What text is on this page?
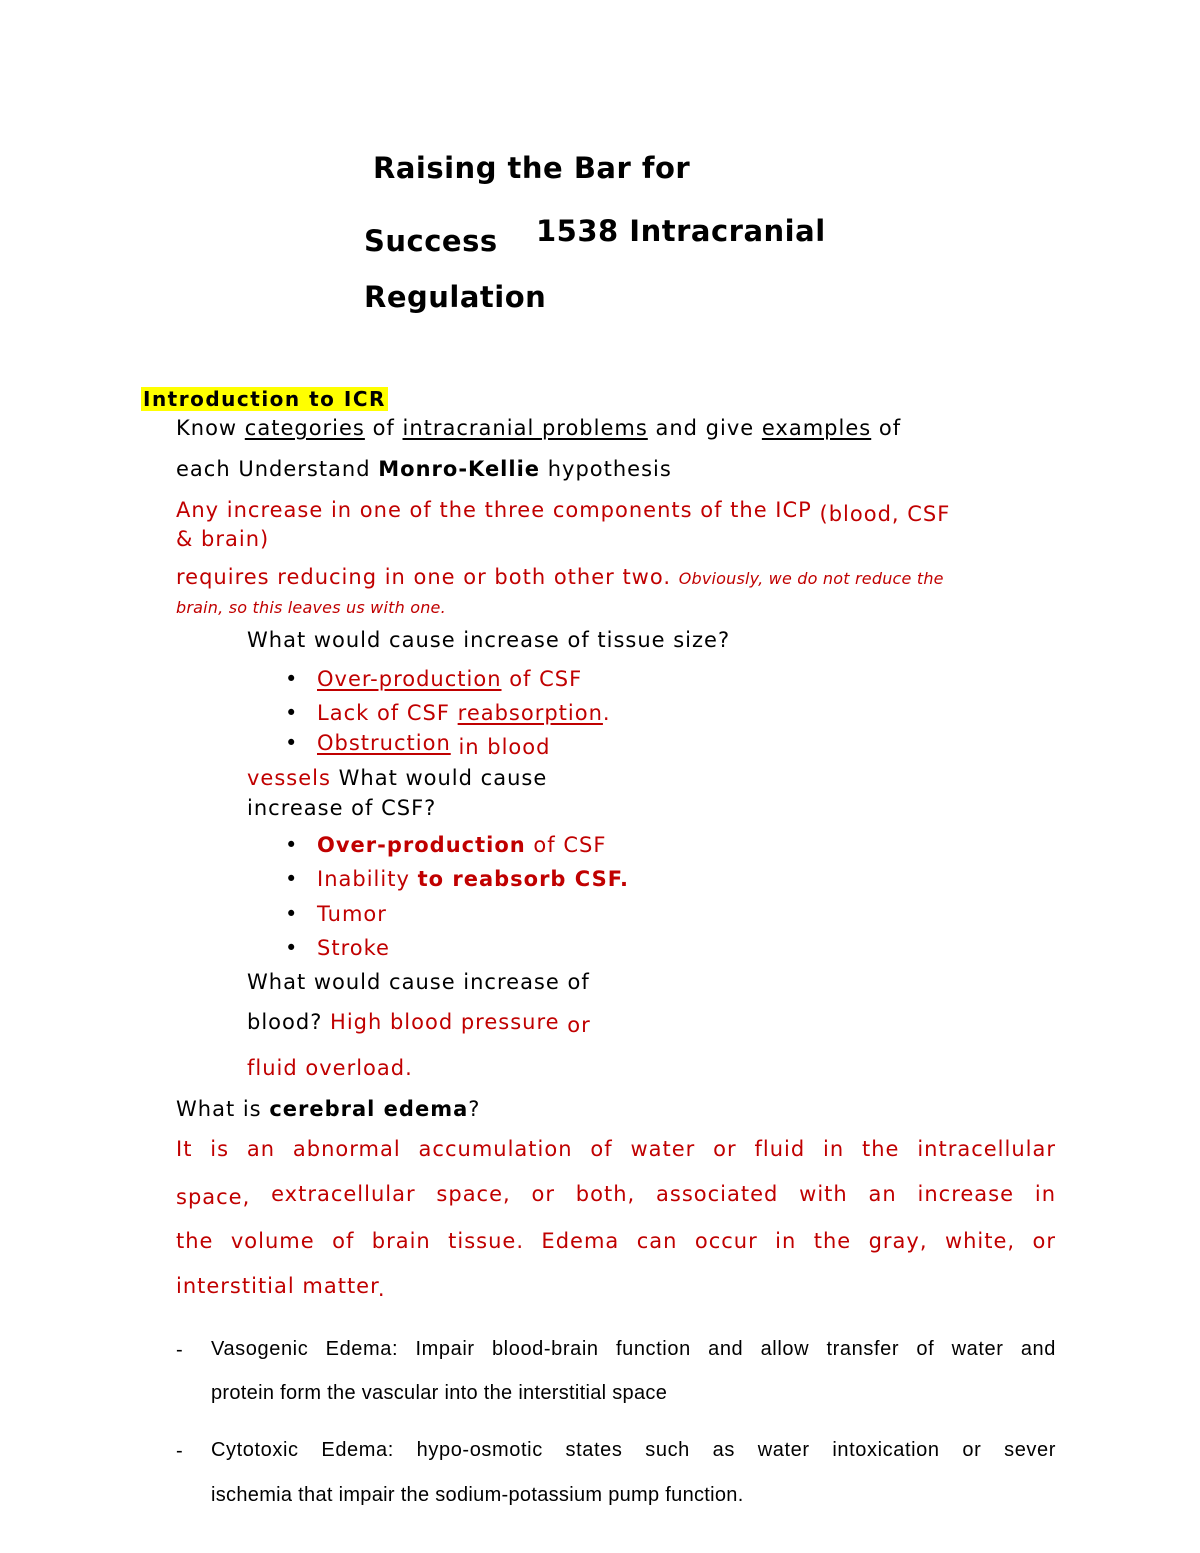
Raising the Bar for
Success 1538 Intracranial
Regulation
Introduction to ICR
Know categories of intracranial problems and give examples of
each Understand Monro-Kellie hypothesis
Any increase in one of the three components of the ICP (blood, CSF
& brain)
requires reducing in one or both other two. Obviously, we do not reduce the
brain, so this leaves us with one.
What would cause increase of tissue size?
• Over-production of CSF
• Lack of CSF reabsorption.
• Obstruction in blood
vessels What would cause
increase of CSF?
• Over-production of CSF
• Inability to reabsorb CSF.
• Tumor
• Stroke
What would cause increase of
blood? High blood pressure or
fluid overload.
What is cerebral edema?
It is an abnormal accumulation of water or fluid in the intracellular
space, extracellular space, or both, associated with an increase in
the volume of brain tissue. Edema can occur in the gray, white, or
interstitial matter.
- Vasogenic Edema: Impair blood-brain function and allow transfer of water and
protein form the vascular into the interstitial space
- Cytotoxic Edema: hypo-osmotic states such as water intoxication or sever
ischemia that impair the sodium-potassium pump function.
